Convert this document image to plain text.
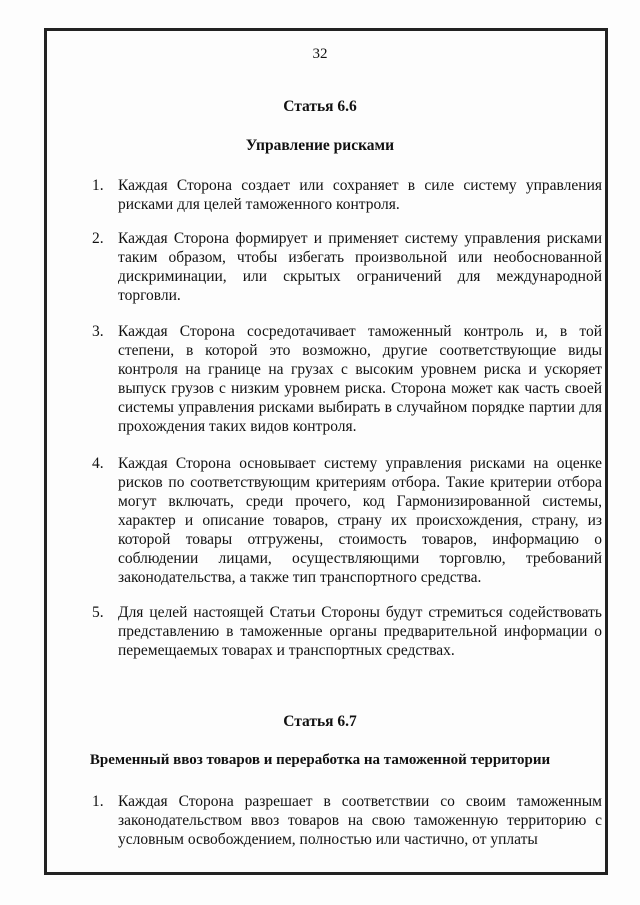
32
Статья 6.6
Управление рисками
1. Каждая Сторона создает или сохраняет в силе систему управления рисками для целей таможенного контроля.
2. Каждая Сторона формирует и применяет систему управления рисками таким образом, чтобы избегать произвольной или необоснованной дискриминации, или скрытых ограничений для международной торговли.
3. Каждая Сторона сосредотачивает таможенный контроль и, в той степени, в которой это возможно, другие соответствующие виды контроля на границе на грузах с высоким уровнем риска и ускоряет выпуск грузов с низким уровнем риска. Сторона может как часть своей системы управления рисками выбирать в случайном порядке партии для прохождения таких видов контроля.
4. Каждая Сторона основывает систему управления рисками на оценке рисков по соответствующим критериям отбора. Такие критерии отбора могут включать, среди прочего, код Гармонизированной системы, характер и описание товаров, страну их происхождения, страну, из которой товары отгружены, стоимость товаров, информацию о соблюдении лицами, осуществляющими торговлю, требований законодательства, а также тип транспортного средства.
5. Для целей настоящей Статьи Стороны будут стремиться содействовать представлению в таможенные органы предварительной информации о перемещаемых товарах и транспортных средствах.
Статья 6.7
Временный ввоз товаров и переработка на таможенной территории
1. Каждая Сторона разрешает в соответствии со своим таможенным законодательством ввоз товаров на свою таможенную территорию с условным освобождением, полностью или частично, от уплаты
